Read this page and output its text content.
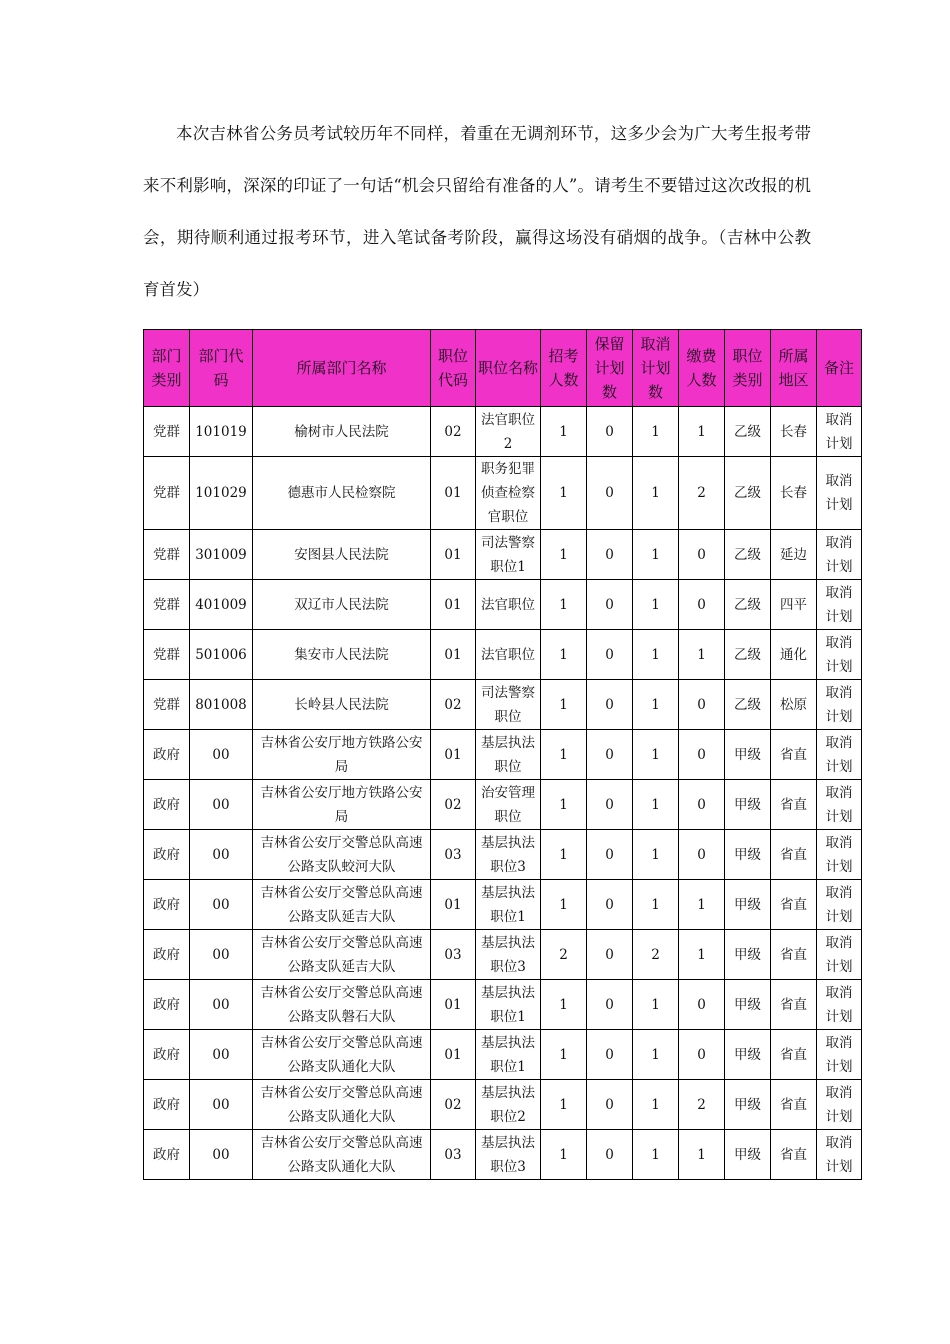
本次吉林省公务员考试较历年不同样，着重在无调剂环节，这多少会为广大考生报考带来不利影响，深深的印证了一句话“机会只留给有准备的人”。请考生不要错过这次改报的机会，期待顺利通过报考环节，进入笔试备考阶段，赢得这场没有硝烟的战争。（吉林中公教育首发）

部门类别	部门代码	所属部门名称	职位代码	职位名称	招考人数	保留计划数	取消计划数	缴费人数	职位类别	所属地区	备注
党群	101019	榆树市人民法院	02	法官职位2	1	0	1	1	乙级	长春	取消计划
党群	101029	德惠市人民检察院	01	职务犯罪侦查检察官职位	1	0	1	2	乙级	长春	取消计划
党群	301009	安图县人民法院	01	司法警察职位1	1	0	1	0	乙级	延边	取消计划
党群	401009	双辽市人民法院	01	法官职位	1	0	1	0	乙级	四平	取消计划
党群	501006	集安市人民法院	01	法官职位	1	0	1	1	乙级	通化	取消计划
党群	801008	长岭县人民法院	02	司法警察职位	1	0	1	0	乙级	松原	取消计划
政府	00	吉林省公安厅地方铁路公安局	01	基层执法职位	1	0	1	0	甲级	省直	取消计划
政府	00	吉林省公安厅地方铁路公安局	02	治安管理职位	1	0	1	0	甲级	省直	取消计划
政府	00	吉林省公安厅交警总队高速公路支队蛟河大队	03	基层执法职位3	1	0	1	0	甲级	省直	取消计划
政府	00	吉林省公安厅交警总队高速公路支队延吉大队	01	基层执法职位1	1	0	1	1	甲级	省直	取消计划
政府	00	吉林省公安厅交警总队高速公路支队延吉大队	03	基层执法职位3	2	0	2	1	甲级	省直	取消计划
政府	00	吉林省公安厅交警总队高速公路支队磐石大队	01	基层执法职位1	1	0	1	0	甲级	省直	取消计划
政府	00	吉林省公安厅交警总队高速公路支队通化大队	01	基层执法职位1	1	0	1	0	甲级	省直	取消计划
政府	00	吉林省公安厅交警总队高速公路支队通化大队	02	基层执法职位2	1	0	1	2	甲级	省直	取消计划
政府	00	吉林省公安厅交警总队高速公路支队通化大队	03	基层执法职位3	1	0	1	1	甲级	省直	取消计划
